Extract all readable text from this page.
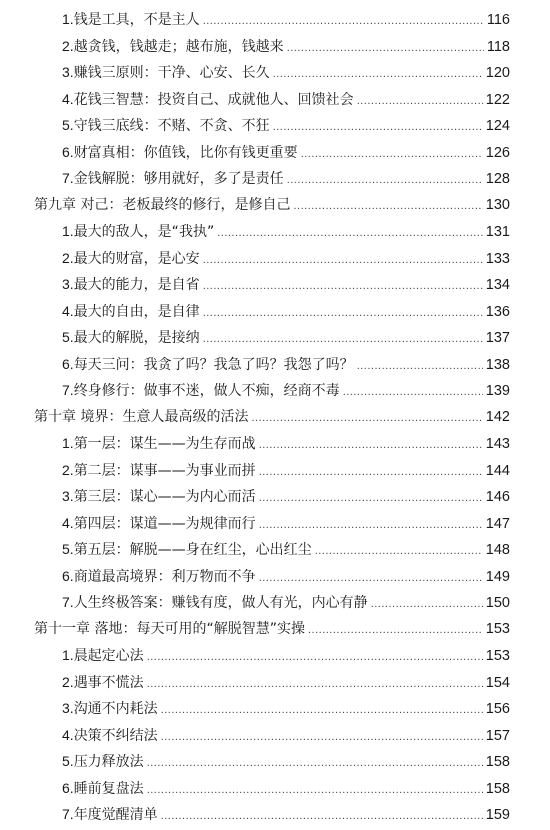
1. 钱是工具，不是主人 .....	116
2. 越贪钱，钱越走；越布施，钱越来 .....	118
3. 赚钱三原则：干净、心安、长久 .....	120
4. 花钱三智慧：投资自己、成就他人、回馈社会 .....	122
5. 守钱三底线：不赌、不贪、不狂 .....	124
6. 财富真相：你值钱，比你有钱更重要 .....	126
7. 金钱解脱：够用就好，多了是责任 .....	128
第九章 对己：老板最终的修行，是修自己 .....	130
1. 最大的敌人，是“我执” .....	131
2. 最大的财富，是心安 .....	133
3. 最大的能力，是自省 .....	134
4. 最大的自由，是自律 .....	136
5. 最大的解脱，是接纳 .....	137
6. 每天三问：我贪了吗？我急了吗？我怨了吗？ .....	138
7. 终身修行：做事不迷，做人不痴，经商不毒 .....	139
第十章 境界：生意人最高级的活法 .....	142
1. 第一层：谋生——为生存而战 .....	143
2. 第二层：谋事——为事业而拼 .....	144
3. 第三层：谋心——为内心而活 .....	146
4. 第四层：谋道——为规律而行 .....	147
5. 第五层：解脱——身在红尘，心出红尘 .....	148
6. 商道最高境界：利万物而不争 .....	149
7. 人生终极答案：赚钱有度，做人有光，内心有静 .....	150
第十一章 落地：每天可用的“解脱智慧”实操 .....	153
1. 晨起定心法 .....	153
2. 遇事不慌法 .....	154
3. 沟通不内耗法 .....	156
4. 决策不纠结法 .....	157
5. 压力释放法 .....	158
6. 睡前复盘法 .....	158
7. 年度觉醒清单 .....	159
